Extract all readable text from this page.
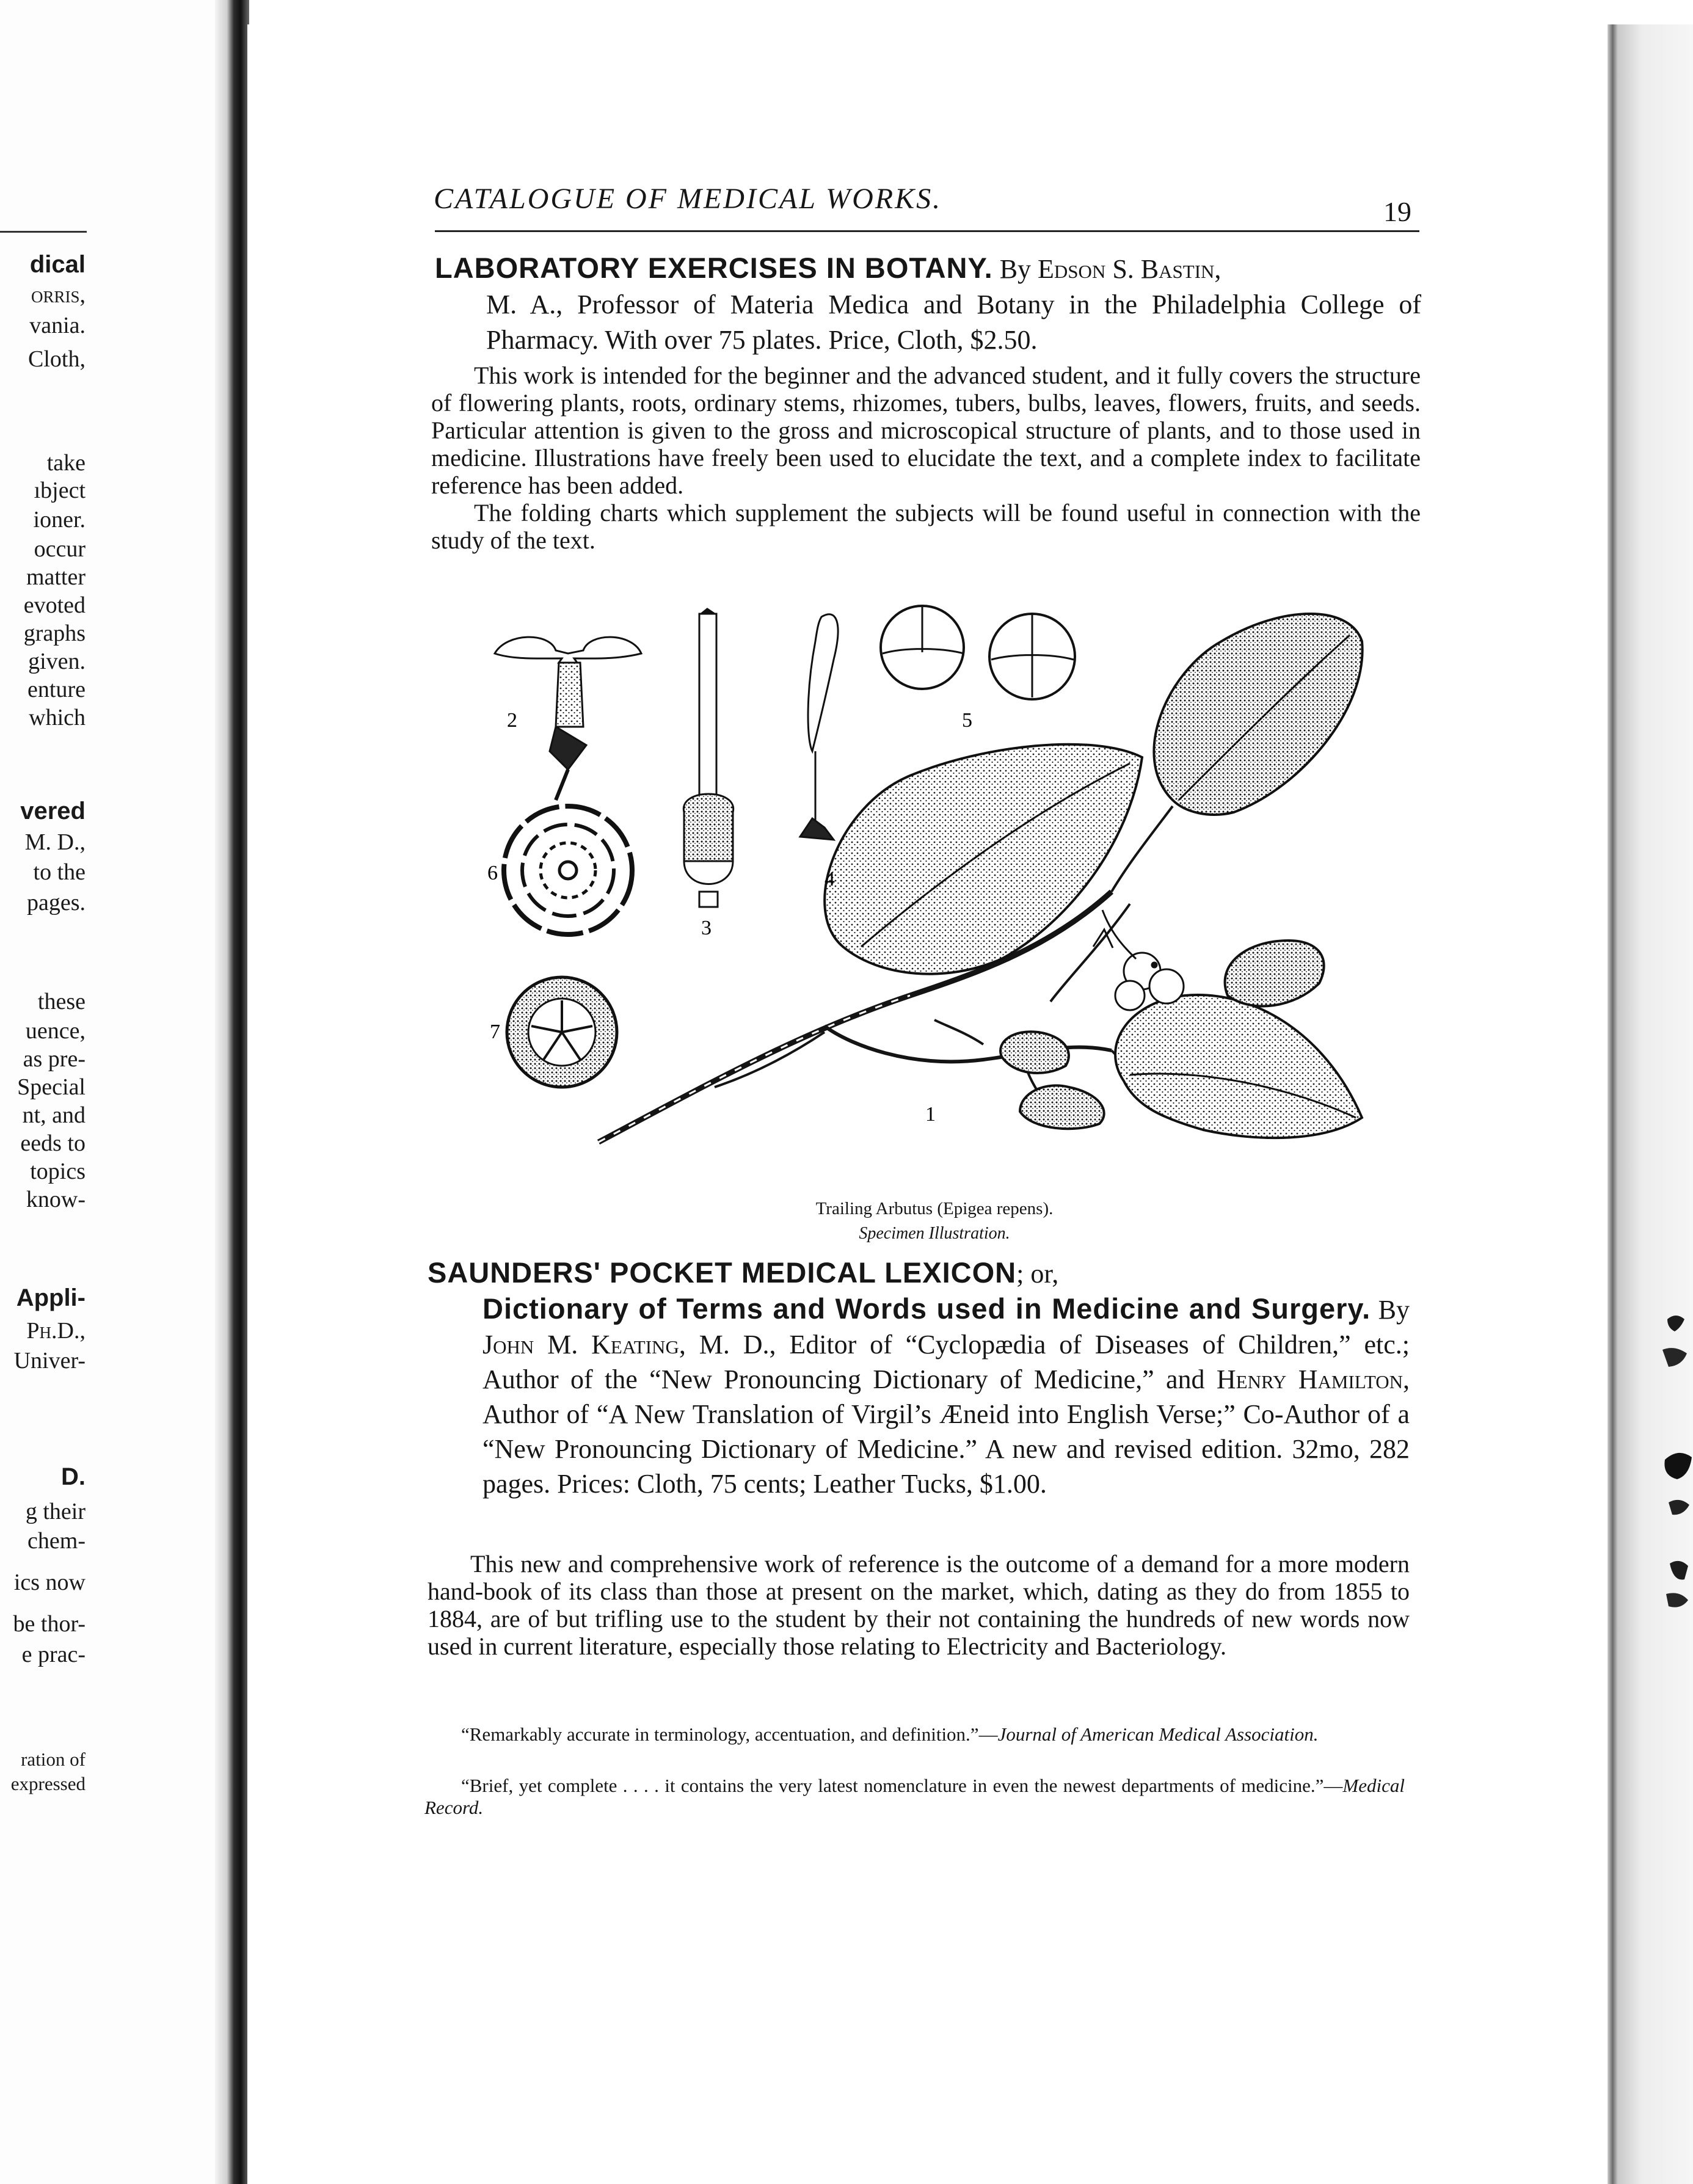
dical
orris,
vania.
Cloth,
take
ıbject
ioner.
occur
matter
evoted
graphs
given.
enture
which
vered
M. D.,
to the
pages.
these
uence,
as pre-
Special
nt, and
eeds to
topics
know-
Appli-
Ph.D.,
Univer-
D.
g their
chem-
ics now
be thor-
e prac-
ration of
expressed
CATALOGUE OF MEDICAL WORKS.	19
LABORATORY EXERCISES IN BOTANY. By Edson S. Bastin,
M. A., Professor of Materia Medica and Botany in the Philadelphia College of Pharmacy. With over 75 plates. Price, Cloth, $2.50.

This work is intended for the beginner and the advanced student, and it fully covers the structure of flowering plants, roots, ordinary stems, rhizomes, tubers, bulbs, leaves, flowers, fruits, and seeds. Particular attention is given to the gross and microscopical structure of plants, and to those used in medicine. Illustrations have freely been used to elucidate the text, and a complete index to facilitate reference has been added.

The folding charts which supplement the subjects will be found useful in connection with the study of the text.

2
3
4
5
6
7
1
Trailing Arbutus (Epigea repens).
Specimen Illustration.
SAUNDERS' POCKET MEDICAL LEXICON; or,
Dictionary of Terms and Words used in Medicine and Surgery. By John M. Keating, M. D., Editor of “Cyclopædia of Diseases of Children,” etc.; Author of the “New Pronouncing Dictionary of Medicine,” and Henry Hamilton, Author of “A New Translation of Virgil’s Æneid into English Verse;” Co-Author of a “New Pronouncing Dictionary of Medicine.” A new and revised edition. 32mo, 282 pages. Prices: Cloth, 75 cents; Leather Tucks, $1.00.

This new and comprehensive work of reference is the outcome of a demand for a more modern hand-book of its class than those at present on the market, which, dating as they do from 1855 to 1884, are of but trifling use to the student by their not containing the hundreds of new words now used in current literature, especially those relating to Electricity and Bacteriology.

“Remarkably accurate in terminology, accentuation, and definition.”—Journal of American Medical Association.

“Brief, yet complete . . . . it contains the very latest nomenclature in even the newest departments of medicine.”—Medical Record.
